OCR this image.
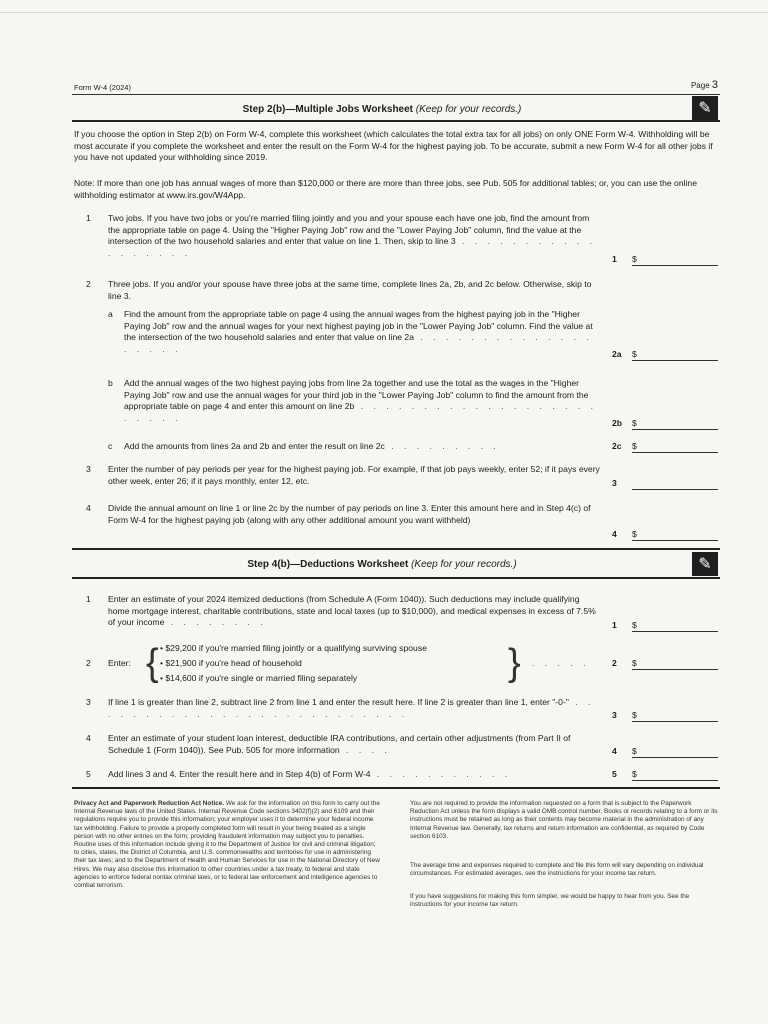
Form W-4 (2024)	Page 3
Step 2(b)—Multiple Jobs Worksheet (Keep for your records.)	✎
If you choose the option in Step 2(b) on Form W-4, complete this worksheet (which calculates the total extra tax for all jobs) on only ONE Form W-4. Withholding will be most accurate if you complete the worksheet and enter the result on the Form W-4 for the highest paying job. To be accurate, submit a new Form W-4 for all other jobs if you have not updated your withholding since 2019.
Note: If more than one job has annual wages of more than $120,000 or there are more than three jobs, see Pub. 505 for additional tables; or, you can use the online withholding estimator at www.irs.gov/W4App.
1 Two jobs. If you have two jobs or you're married filing jointly and you and your spouse each have one job, find the amount from the appropriate table on page 4. Using the "Higher Paying Job" row and the "Lower Paying Job" column, find the value at the intersection of the two household salaries and enter that value on line 1. Then, skip to line 3 . . . . . . . . . . . . . . . . . .
1 $
2 Three jobs. If you and/or your spouse have three jobs at the same time, complete lines 2a, 2b, and 2c below. Otherwise, skip to line 3.
a Find the amount from the appropriate table on page 4 using the annual wages from the highest paying job in the "Higher Paying Job" row and the annual wages for your next highest paying job in the "Lower Paying Job" column. Find the value at the intersection of the two household salaries and enter that value on line 2a . . . . . . . . . . . . . . . . . . .
2a $
b Add the annual wages of the two highest paying jobs from line 2a together and use the total as the wages in the "Higher Paying Job" row and use the annual wages for your third job in the "Lower Paying Job" column to find the amount from the appropriate table on page 4 and enter this amount on line 2b . . . . . . . . . . . . . . . . . . . . . . . .
2b $
c Add the amounts from lines 2a and 2b and enter the result on line 2c . . . . . . . . .	2c $
3 Enter the number of pay periods per year for the highest paying job. For example, if that job pays weekly, enter 52; if it pays every other week, enter 26; if it pays monthly, enter 12, etc.	3
4 Divide the annual amount on line 1 or line 2c by the number of pay periods on line 3. Enter this amount here and in Step 4(c) of Form W-4 for the highest paying job (along with any other additional amount you want withheld)
4 $
Step 4(b)—Deductions Worksheet (Keep for your records.)	✎
1 Enter an estimate of your 2024 itemized deductions (from Schedule A (Form 1040)). Such deductions may include qualifying home mortgage interest, charitable contributions, state and local taxes (up to $10,000), and medical expenses in excess of 7.5% of your income . . . . . . . .	1 $
2 Enter: { • $29,200 if you're married filing jointly or a qualifying surviving spouse
• $21,900 if you're head of household
• $14,600 if you're single or married filing separately	} . . . . .	2 $
3 If line 1 is greater than line 2, subtract line 2 from line 1 and enter the result here. If line 2 is greater than line 1, enter "-0-" . . . . . . . . . . . . . . . . . . . . . . . . . .	3 $
4 Enter an estimate of your student loan interest, deductible IRA contributions, and certain other adjustments (from Part II of Schedule 1 (Form 1040)). See Pub. 505 for more information . . . .	4 $
5 Add lines 3 and 4. Enter the result here and in Step 4(b) of Form W-4 . . . . . . . . . . .	5 $
Privacy Act and Paperwork Reduction Act Notice. We ask for the information on this form to carry out the Internal Revenue laws of the United States. Internal Revenue Code sections 3402(f)(2) and 6109 and their regulations require you to provide this information; your employer uses it to determine your federal income tax withholding. Failure to provide a properly completed form will result in your being treated as a single person with no other entries on the form; providing fraudulent information may subject you to penalties. Routine uses of this information include giving it to the Department of Justice for civil and criminal litigation; to cities, states, the District of Columbia, and U.S. commonwealths and territories for use in administering their tax laws; and to the Department of Health and Human Services for use in the National Directory of New Hires. We may also disclose this information to other countries under a tax treaty, to federal and state agencies to enforce federal nontax criminal laws, or to federal law enforcement and intelligence agencies to combat terrorism.
You are not required to provide the information requested on a form that is subject to the Paperwork Reduction Act unless the form displays a valid OMB control number. Books or records relating to a form or its instructions must be retained as long as their contents may become material in the administration of any Internal Revenue law. Generally, tax returns and return information are confidential, as required by Code section 6103.
The average time and expenses required to complete and file this form will vary depending on individual circumstances. For estimated averages, see the instructions for your income tax return.
If you have suggestions for making this form simpler, we would be happy to hear from you. See the instructions for your income tax return.
